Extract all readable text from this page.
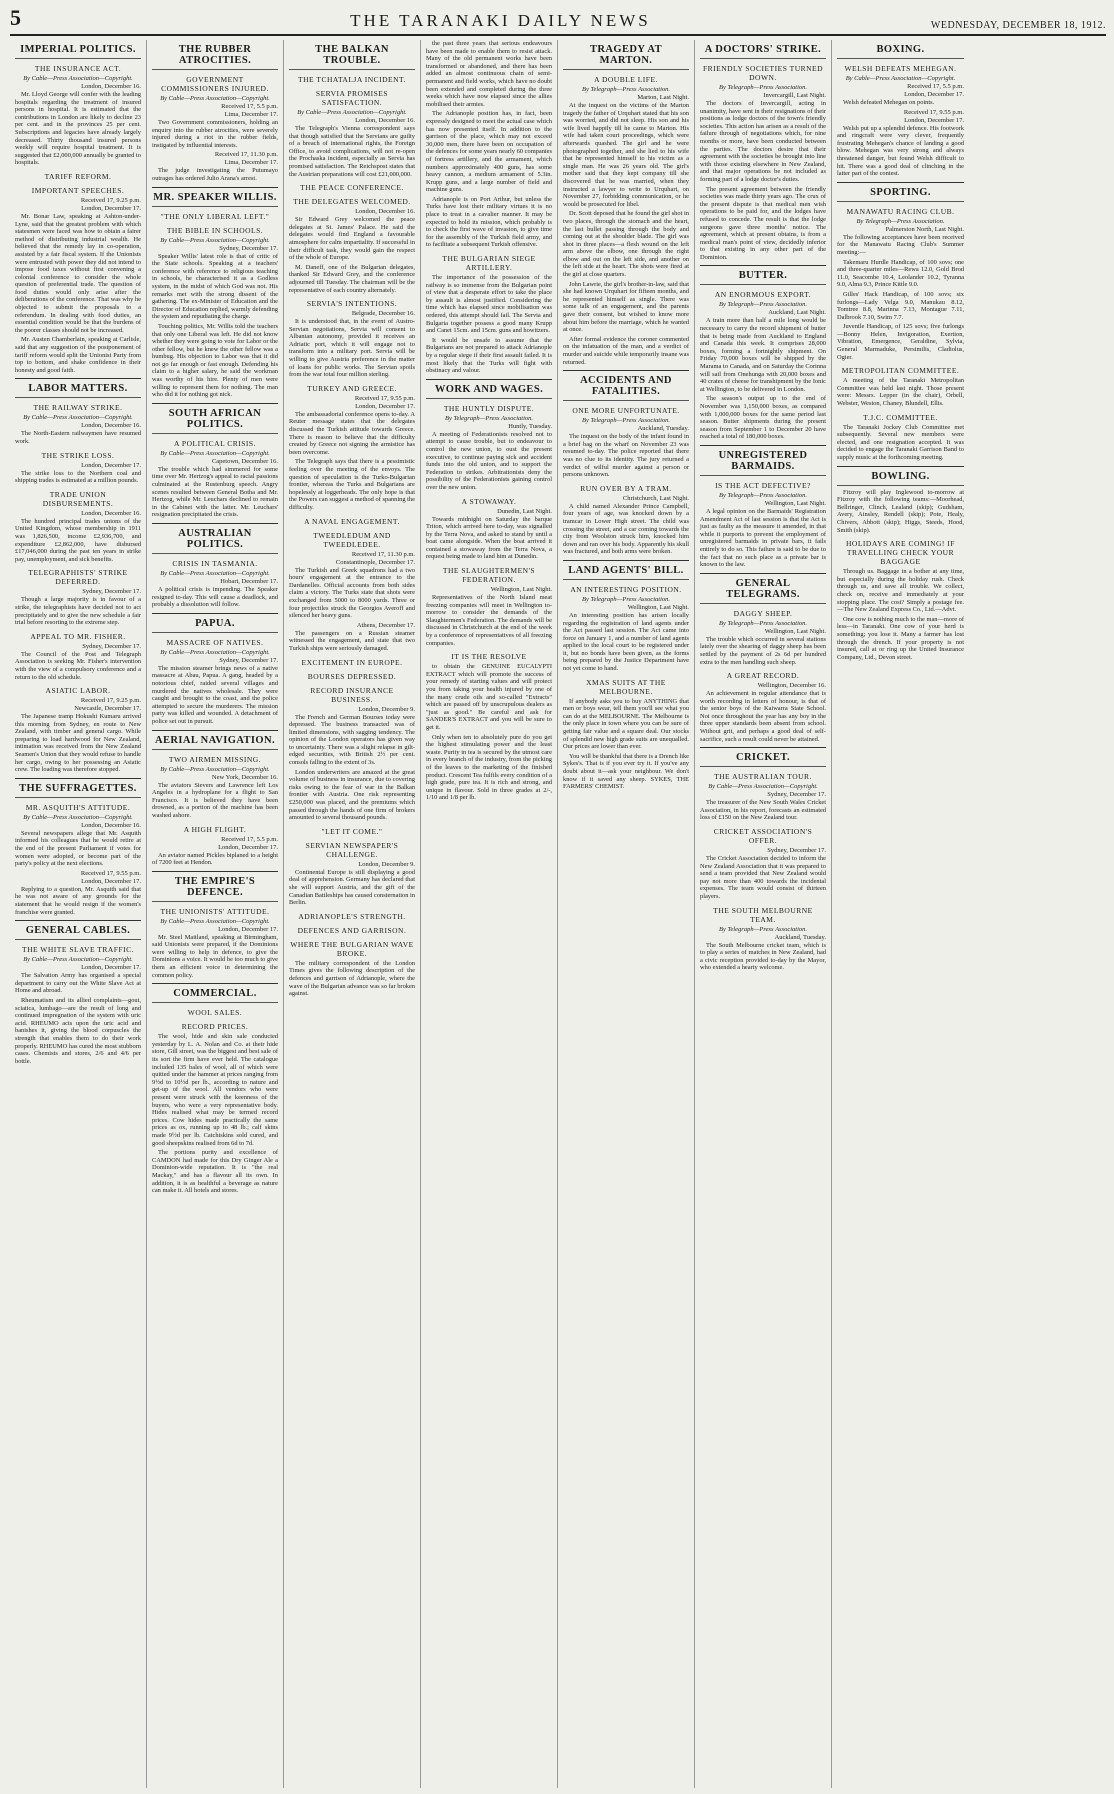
5	THE TARANAKI DAILY NEWS	WEDNESDAY, DECEMBER 18, 1912.
IMPERIAL POLITICS.
THE INSURANCE ACT.
By Cable—Press Association—Copyright.
London, December 16.
Mr. Lloyd George will confer with the leading hospitals regarding the treatment of insured persons in hospital. It is estimated that the contributions in London are likely to decline 23 per cent. and in the provinces 25 per cent. Subscriptions and legacies have already largely decreased. Thirty thousand insured persons weekly will require hospital treatment. It is suggested that £2,000,000 annually be granted to hospitals.
TARIFF REFORM.
IMPORTANT SPEECHES.
Received 17, 9.25 p.m.
London, December 17.
Mr. Bonar Law, speaking at Ashton-under-Lyne, said that the greatest problem with which statesmen were faced was how to obtain a fairer method of distributing industrial wealth. He believed that the remedy lay in co-operation, assisted by a fair fiscal system. If the Unionists were entrusted with power they did not intend to impose food taxes without first convening a colonial conference to consider the whole question of preferential trade. The question of food duties would only arise after the deliberations of the conference. That was why he objected to submit the proposals to a referendum. In dealing with food duties, an essential condition would be that the burdens of the poorer classes should not be increased.
Mr. Austen Chamberlain, speaking at Carlisle, said that any suggestion of the postponement of tariff reform would split the Unionist Party from top to bottom, and shake confidence in their honesty and good faith.
LABOR MATTERS.
THE RAILWAY STRIKE.
By Cable—Press Association—Copyright.
London, December 16.
The North-Eastern railwaymen have resumed work.
THE STRIKE LOSS.
London, December 17.
The strike loss to the Northern coal and shipping trades is estimated at a million pounds.
TRADE UNION DISBURSEMENTS.
London, December 16.
The hundred principal trades unions of the United Kingdom, whose membership in 1911 was 1,826,500, income £2,936,700, and expenditure £2,862,000, have disbursed £17,046,000 during the past ten years in strike pay, unemployment, and sick benefits.
TELEGRAPHISTS' STRIKE DEFERRED.
Sydney, December 17.
Though a large majority is in favour of a strike, the telegraphists have decided not to act precipitately and to give the new schedule a fair trial before resorting to the extreme step.
APPEAL TO MR. FISHER.
Sydney, December 17.
The Council of the Post and Telegraph Association is seeking Mr. Fisher's intervention with the view of a compulsory conference and a return to the old schedule.
ASIATIC LABOR.
Received 17, 9.25 p.m.
Newcastle, December 17.
The Japanese tramp Hokushi Kumaru arrived this morning from Sydney, en route to New Zealand, with timber and general cargo. While preparing to load hardwood for New Zealand, intimation was received from the New Zealand Seamen's Union that they would refuse to handle her cargo, owing to her possessing an Asiatic crew. The loading was therefore stopped.
THE SUFFRAGETTES.
MR. ASQUITH'S ATTITUDE.
By Cable—Press Association—Copyright.
London, December 16.
Several newspapers allege that Mr. Asquith informed his colleagues that he would retire at the end of the present Parliament if votes for women were adopted, or become part of the party's policy at the next elections.
Received 17, 9.55 p.m.
London, December 17.
Replying to a question, Mr. Asquith said that he was not aware of any grounds for the statement that he would resign if the women's franchise were granted.
GENERAL CABLES.
THE WHITE SLAVE TRAFFIC.
By Cable—Press Association—Copyright.
London, December 17.
The Salvation Army has organised a special department to carry out the White Slave Act at Home and abroad.
Rheumatism and its allied complaints—gout, sciatica, lumbago—are the result of long and continued impregnation of the system with uric acid. RHEUMO acts upon the uric acid and banishes it, giving the blood corpuscles the strength that enables them to do their work properly. RHEUMO has cured the most stubborn cases. Chemists and stores, 2/6 and 4/6 per bottle.
THE RUBBER ATROCITIES.
GOVERNMENT COMMISSIONERS INJURED.
By Cable—Press Association—Copyright.
Received 17, 5.5 p.m.
Lima, December 17.
Two Government commissioners, holding an enquiry into the rubber atrocities, were severely injured during a riot in the rubber fields, instigated by influential interests.
Received 17, 11.30 p.m.
Lima, December 17.
The judge investigating the Putumayo outrages has ordered Julio Arana's arrest.
MR. SPEAKER WILLIS.
"THE ONLY LIBERAL LEFT."
THE BIBLE IN SCHOOLS.
By Cable—Press Association—Copyright.
Sydney, December 17.
Speaker Willis' latest role is that of critic of the State schools. Speaking at a teachers' conference with reference to religious teaching in schools, he characterised it as a Godless system, in the midst of which God was not. His remarks met with the strong dissent of the gathering. The ex-Minister of Education and the Director of Education replied, warmly defending the system and repudiating the charge.
Touching politics, Mr. Willis told the teachers that only one Liberal was left. He did not know whether they were going to vote for Labor or the other fellow, but he knew the other fellow was a humbug. His objection to Labor was that it did not go far enough or fast enough. Defending his claim to a higher salary, he said the workman was worthy of his hire. Plenty of men were willing to represent them for nothing. The man who did it for nothing got nick.
SOUTH AFRICAN POLITICS.
A POLITICAL CRISIS.
By Cable—Press Association—Copyright.
Capetown, December 16.
The trouble which had simmered for some time over Mr. Hertzog's appeal to racial passions culminated at the Rustenburg speech. Angry scenes resulted between General Botha and Mr. Hertzog, while Mr. Leuchars declined to remain in the Cabinet with the latter. Mr. Leuchars' resignation precipitated the crisis.
AUSTRALIAN POLITICS.
CRISIS IN TASMANIA.
By Cable—Press Association—Copyright.
Hobart, December 17.
A political crisis is impending. The Speaker resigned to-day. This will cause a deadlock, and probably a dissolution will follow.
PAPUA.
MASSACRE OF NATIVES.
By Cable—Press Association—Copyright.
Sydney, December 17.
The mission steamer brings news of a native massacre at Abau, Papua. A gang, headed by a notorious chief, raided several villages and murdered the natives wholesale. They were caught and brought to the coast, and the police attempted to secure the murderers. The mission party was killed and wounded. A detachment of police set out in pursuit.
AERIAL NAVIGATION.
TWO AIRMEN MISSING.
By Cable—Press Association—Copyright.
New York, December 16.
The aviators Sievers and Lawrence left Los Angeles in a hydroplane for a flight to San Francisco. It is believed they have been drowned, as a portion of the machine has been washed ashore.
A HIGH FLIGHT.
Received 17, 5.5 p.m.
London, December 17.
An aviator named Pickles biplaned to a height of 7200 feet at Hendon.
THE EMPIRE'S DEFENCE.
THE UNIONISTS' ATTITUDE.
By Cable—Press Association—Copyright.
London, December 17.
Mr. Steel Maitland, speaking at Birmingham, said Unionists were prepared, if the Dominions were willing to help in defence, to give the Dominions a voice. It would be too much to give them an efficient voice in determining the common policy.
COMMERCIAL.
WOOL SALES.
RECORD PRICES.
The wool, hide and skin sale conducted yesterday by L. A. Nolan and Co. at their hide store, Gill street, was the biggest and best sale of its sort the firm have ever held. The catalogue included 135 bales of wool, all of which were quitted under the hammer at prices ranging from 9½d to 10½d per lb., according to nature and get-up of the wool. All vendors who were present were struck with the keenness of the buyers, who were a very representative body. Hides realised what may be termed record prices. Cow hides made practically the same prices as ox, running up to 48 lb.; calf skins made 9½d per lb. Catchiskins sold cured, and good sheepskins realised from 6d to 7d.
The portions purity and excellence of CAMDON had made for this Dry Ginger Ale a Dominion-wide reputation. It is "the real Mackay," and has a flavour all its own. In addition, it is as healthful a beverage as nature can make it. All hotels and stores.
THE BALKAN TROUBLE.
THE TCHATALJA INCIDENT.
SERVIA PROMISES SATISFACTION.
By Cable—Press Association—Copyright.
London, December 16.
The Telegraph's Vienna correspondent says that though satisfied that the Servians are guilty of a breach of international rights, the Foreign Office, to avoid complications, will not re-open the Prochaska incident, especially as Servia has promised satisfaction. The Reichspost states that the Austrian preparations will cost £21,000,000.
THE PEACE CONFERENCE.
THE DELEGATES WELCOMED.
London, December 16.
Sir Edward Grey welcomed the peace delegates at St. James' Palace. He said the delegates would find England a favourable atmosphere for calm impartiality. If successful in their difficult task, they would gain the respect of the whole of Europe.
M. Daneff, one of the Bulgarian delegates, thanked Sir Edward Grey, and the conference adjourned till Tuesday. The chairman will be the representative of each country alternately.
SERVIA'S INTENTIONS.
Belgrade, December 16.
It is understood that, in the event of Austro-Servian negotiations, Servia will consent to Albanian autonomy, provided it receives an Adriatic port, which it will engage not to transform into a military port. Servia will be willing to give Austria preference in the matter of loans for public works. The Servian spoils from the war total four million sterling.
TURKEY AND GREECE.
Received 17, 9.55 p.m.
London, December 17.
The ambassadorial conference opens to-day. A Reuter message states that the delegates discussed the Turkish attitude towards Greece. There is reason to believe that the difficulty created by Greece not signing the armistice has been overcome.
The Telegraph says that there is a pessimistic feeling over the meeting of the envoys. The question of speculation is the Turko-Bulgarian frontier, whereas the Turks and Bulgarians are hopelessly at loggerheads. The only hope is that the Powers can suggest a method of spanning the difficulty.
A NAVAL ENGAGEMENT.
TWEEDLEDUM AND TWEEDLEDEE.
Received 17, 11.30 p.m.
Constantinople, December 17.
The Turkish and Greek squadrons had a two hours' engagement at the entrance to the Dardanelles. Official accounts from both sides claim a victory. The Turks state that shots were exchanged from 5000 to 8000 yards. Three or four projectiles struck the Georgios Averoff and silenced her heavy guns.
Athens, December 17.
The passengers on a Russian steamer witnessed the engagement, and state that two Turkish ships were seriously damaged.
EXCITEMENT IN EUROPE.
BOURSES DEPRESSED.
RECORD INSURANCE BUSINESS.
London, December 9.
The French and German Bourses today were depressed. The business transacted was of limited dimensions, with sagging tendency. The opinion of the London operators has given way to uncertainty. There was a slight relapse in gilt-edged securities, with British 2½ per cent. consols falling to the extent of 3s.
London underwriters are amazed at the great volume of business in insurance, due to covering risks owing to the fear of war in the Balkan frontier with Austria. One risk representing £250,000 was placed, and the premiums which passed through the hands of one firm of brokers amounted to several thousand pounds.
"LET IT COME."
SERVIAN NEWSPAPER'S CHALLENGE.
London, December 9.
Continental Europe is still displaying a good deal of apprehension. Germany has declared that she will support Austria, and the gift of the Canadian Battleships has caused consternation in Berlin.
ADRIANOPLE'S STRENGTH.
DEFENCES AND GARRISON.
WHERE THE BULGARIAN WAVE BROKE.
The military correspondent of the London Times gives the following description of the defences and garrison of Adrianople, where the wave of the Bulgarian advance was so far broken against.
the past three years that serious endeavours have been made to enable them to resist attack. Many of the old permanent works have been transformed or abandoned, and there has been added an almost continuous chain of semi-permanent and field works, which have no doubt been extended and completed during the three weeks which have now elapsed since the allies mobilised their armies.
The Adrianople position has, in fact, been expressly designed to meet the actual case which has now presented itself. In addition to the garrison of the place, which may not exceed 30,000 men, there have been on occupation of the defences for some years nearly 60 companies of fortress artillery, and the armament, which numbers approximately 400 guns, has some heavy cannon, a medium armament of 5.3in. Krupp guns, and a large number of field and machine guns.
Adrianople is on Port Arthur, but unless the Turks have lost their military virtues it is no place to treat in a cavalier manner. It may be expected to hold its mission, which probably is to check the first wave of invasion, to give time for the assembly of the Turkish field army, and to facilitate a subsequent Turkish offensive.
THE BULGARIAN SIEGE ARTILLERY.
The importance of the possession of the railway is so immense from the Bulgarian point of view that a desperate effort to take the place by assault is almost justified. Considering the time which has elapsed since mobilisation was ordered, this attempt should fail. The Servia and Bulgaria together possess a good many Krupp and Canet 15cm. and 15cm. guns and howitzers.
It would be unsafe to assume that the Bulgarians are not prepared to attack Adrianople by a regular siege if their first assault failed. It is most likely that the Turks will fight with obstinacy and valour.
WORK AND WAGES.
THE HUNTLY DISPUTE.
By Telegraph—Press Association.
Huntly, Tuesday.
A meeting of Federationists resolved not to attempt to cause trouble, but to endeavour to control the new union, to oust the present executive, to continue paying sick and accident funds into the old union, and to support the Federation to strikes. Arbitrationists deny the possibility of the Federationists gaining control over the new union.
A STOWAWAY.
Dunedin, Last Night.
Towards midnight on Saturday the barque Triton, which arrived here to-day, was signalled by the Terra Nova, and asked to stand by until a boat came alongside. When the boat arrived it contained a stowaway from the Terra Nova, a request being made to land him at Dunedin.
THE SLAUGHTERMEN'S FEDERATION.
Wellington, Last Night.
Representatives of the North Island meat freezing companies will meet in Wellington to-morrow to consider the demands of the Slaughtermen's Federation. The demands will be discussed in Christchurch at the end of the week by a conference of representatives of all freezing companies.
IT IS THE RESOLVE
to obtain the GENUINE EUCALYPTI EXTRACT which will promote the success of your remedy of starting values and will protect you from taking your health injured by one of the many crude oils and so-called "Extracts" which are passed off by unscrupulous dealers as "just as good." Be careful and ask for SANDER'S EXTRACT and you will be sure to get it.
Only when ten to absolutely pure do you get the highest stimulating power and the least waste. Purity in tea is secured by the utmost care in every branch of the industry, from the picking of the leaves to the marketing of the finished product. Crescent Tea fulfils every condition of a high grade, pure tea. It is rich and strong, and unique in flavour. Sold in three grades at 2/-, 1/10 and 1/8 per lb.
TRAGEDY AT MARTON.
A DOUBLE LIFE.
By Telegraph—Press Association.
Marton, Last Night.
At the inquest on the victims of the Marton tragedy the father of Urquhart stated that his son was worried, and did not sleep. His son and his wife lived happily till he came to Marton. His wife had taken court proceedings, which were afterwards quashed. The girl and he were photographed together, and she lied to his wife that he represented himself to his victim as a single man. He was 26 years old. The girl's mother said that they kept company till she discovered that he was married, when they instructed a lawyer to write to Urquhart, on November 27, forbidding communication, or he would be prosecuted for libel.
Dr. Scott deposed that he found the girl shot in two places, through the stomach and the heart, the last bullet passing through the body and coming out at the shoulder blade. The girl was shot in three places—a flesh wound on the left arm above the elbow, one through the right elbow and out on the left side, and another on the left side at the heart. The shots were fired at the girl at close quarters.
John Lawrie, the girl's brother-in-law, said that she had known Urquhart for fifteen months, and he represented himself as single. There was some talk of an engagement, and the parents gave their consent, but wished to know more about him before the marriage, which he wanted at once.
After formal evidence the coroner commented on the infatuation of the man, and a verdict of murder and suicide while temporarily insane was returned.
ACCIDENTS AND FATALITIES.
ONE MORE UNFORTUNATE.
By Telegraph—Press Association.
Auckland, Tuesday.
The inquest on the body of the infant found in a brief bag on the wharf on November 23 was resumed to-day. The police reported that there was no clue to its identity. The jury returned a verdict of wilful murder against a person or persons unknown.
RUN OVER BY A TRAM.
Christchurch, Last Night.
A child named Alexander Prince Campbell, four years of age, was knocked down by a tramcar in Lower High street. The child was crossing the street, and a car coming towards the city from Woolston struck him, knocked him down and ran over his body. Apparently his skull was fractured, and both arms were broken.
LAND AGENTS' BILL.
AN INTERESTING POSITION.
By Telegraph—Press Association.
Wellington, Last Night.
An interesting position has arisen locally regarding the registration of land agents under the Act passed last session. The Act came into force on January 1, and a number of land agents applied to the local court to be registered under it, but no bonds have been given, as the forms being prepared by the Justice Department have not yet come to hand.
XMAS SUITS AT THE MELBOURNE.
If anybody asks you to buy ANYTHING that men or boys wear, tell them you'll see what you can do at the MELBOURNE. The Melbourne is the only place in town where you can be sure of getting fair value and a square deal. Our stocks of splendid new high grade suits are unequalled. Our prices are lower than ever.
You will be thankful that there is a Drench like Sykes's. That is if you ever try it. If you've any doubt about it—ask your neighbour. We don't know if it saved any sheep. SYKES, THE FARMERS' CHEMIST.
A DOCTORS' STRIKE.
FRIENDLY SOCIETIES TURNED DOWN.
By Telegraph—Press Association.
Invercargill, Last Night.
The doctors of Invercargill, acting in unanimity, have sent in their resignations of their positions as lodge doctors of the town's friendly societies. This action has arisen as a result of the failure through of negotiations which, for nine months or more, have been conducted between the parties. The doctors desire that their agreement with the societies be brought into line with those existing elsewhere in New Zealand, and that major operations be not included as forming part of a lodge doctor's duties.
The present agreement between the friendly societies was made thirty years ago. The crux of the present dispute is that medical men wish operations to be paid for, and the lodges have refused to concede. The result is that the lodge surgeons gave three months' notice. The agreement, which at present obtains, is from a medical man's point of view, decidedly inferior to that existing in any other part of the Dominion.
BUTTER.
AN ENORMOUS EXPORT.
By Telegraph—Press Association.
Auckland, Last Night.
A train more than half a mile long would be necessary to carry the record shipment of butter that is being made from Auckland to England and Canada this week. It comprises 28,000 boxes, forming a fortnightly shipment. On Friday 70,000 boxes will be shipped by the Marama to Canada, and on Saturday the Corinna will sail from Onehunga with 20,000 boxes and 40 crates of cheese for transhipment by the Ionic at Wellington, to be delivered in London.
The season's output up to the end of November was 1,150,000 boxes, as compared with 1,000,000 boxes for the same period last season. Butter shipments during the present season from September 1 to December 20 have reached a total of 180,000 boxes.
UNREGISTERED BARMAIDS.
IS THE ACT DEFECTIVE?
By Telegraph—Press Association.
Wellington, Last Night.
A legal opinion on the Barmaids' Registration Amendment Act of last session is that the Act is just as faulty as the measure it amended, in that while it purports to prevent the employment of unregistered barmaids in private bars, it fails entirely to do so. This failure is said to be due to the fact that no such place as a private bar is known to the law.
GENERAL TELEGRAMS.
DAGGY SHEEP.
By Telegraph—Press Association.
Wellington, Last Night.
The trouble which occurred in several stations lately over the shearing of daggy sheep has been settled by the payment of 2s 6d per hundred extra to the men handling such sheep.
A GREAT RECORD.
Wellington, December 16.
An achievement in regular attendance that is worth recording in letters of honour, is that of the senior boys of the Kaiwarra State School. Not once throughout the year has any boy in the three upper standards been absent from school. Without grit, and perhaps a good deal of self-sacrifice, such a result could never be attained.
CRICKET.
THE AUSTRALIAN TOUR.
By Cable—Press Association—Copyright.
Sydney, December 17.
The treasurer of the New South Wales Cricket Association, in his report, forecasts an estimated loss of £150 on the New Zealand tour.
CRICKET ASSOCIATION'S OFFER.
Sydney, December 17.
The Cricket Association decided to inform the New Zealand Association that it was prepared to send a team provided that New Zealand would pay not more than 400 towards the incidental expenses. The team would consist of thirteen players.
THE SOUTH MELBOURNE TEAM.
By Telegraph—Press Association.
Auckland, Tuesday.
The South Melbourne cricket team, which is to play a series of matches in New Zealand, had a civic reception provided to-day by the Mayor, who extended a hearty welcome.
BOXING.
WELSH DEFEATS MEHEGAN.
By Cable—Press Association—Copyright.
Received 17, 5.5 p.m.
London, December 17.
Welsh defeated Mehegan on points.
Received 17, 9.55 p.m.
London, December 17.
Welsh put up a splendid defence. His footwork and ringcraft were very clever, frequently frustrating Mehegan's chance of landing a good blow. Mehegan was very strong and always threatened danger, but found Welsh difficult to hit. There was a good deal of clinching in the latter part of the contest.
SPORTING.
MANAWATU RACING CLUB.
By Telegraph—Press Association.
Palmerston North, Last Night.
The following acceptances have been received for the Manawatu Racing Club's Summer meeting:—
Takemaru Hurdle Handicap, of 100 sovs; one and three-quarter miles—Rewa 12.0, Gold Brod 11.0, Seacombe 10.4, Leolander 10.2, Tyranna 9.0, Alma 9.3, Prince Kittle 9.0.
Gilles' Hack Handicap, of 100 sovs; six furlongs—Lady Velga 9.0, Manukau 8.12, Tomtree 8.8, Marinna 7.13, Montague 7.11, Dalbrook 7.10, Swim 7.7.
Juvenile Handicap, of 125 sovs; five furlongs—Bonny Helen, Invigoration, Exertion, Vibration, Emergence, Geraldine, Sylvia, General Marmaduke, Persimilis, Cladiolus, Ogier.
METROPOLITAN COMMITTEE.
A meeting of the Taranaki Metropolitan Committee was held last night. Those present were: Messrs. Lepper (in the chair), Orbell, Webster, Weston, Chaney, Blundell, Ellis.
T.J.C. COMMITTEE.
The Taranaki Jockey Club Committee met subsequently. Several new members were elected, and one resignation accepted. It was decided to engage the Taranaki Garrison Band to supply music at the forthcoming meeting.
BOWLING.
Fitzroy will play Inglewood to-morrow at Fitzroy with the following teams:—Moorhead, Bellringer, Clinch, Lealand (skip); Gudsham, Avery, Ainsley, Rendell (skip); Pote, Healy, Chivers, Abbott (skip); Higgs, Steeds, Hood, Smith (skip).
HOLIDAYS ARE COMING! IF TRAVELLING CHECK YOUR BAGGAGE
Through us. Baggage in a bother at any time, but especially during the holiday rush. Check through us, and save all trouble. We collect, check on, receive and immediately at your stopping place. The cost? Simply a postage fee.—The New Zealand Express Co., Ltd.—Advt.
One cow is nothing much to the man—more of less—in Taranaki. One cow of your herd is something; you lose it. Many a farmer has lost through the drench. If your property is not insured, call at or ring up the United Insurance Company, Ltd., Devon street.
